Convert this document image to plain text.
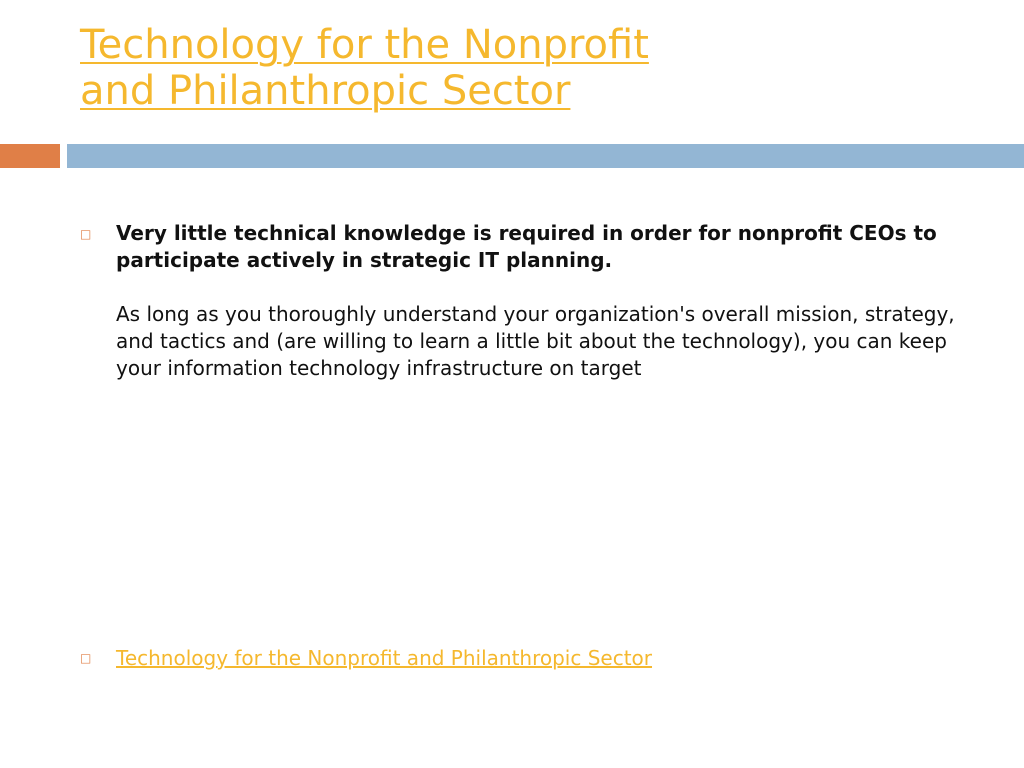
Technology for the Nonprofit
and Philanthropic Sector
□ Very little technical knowledge is required in order for nonprofit CEOs to participate actively in strategic IT planning.

As long as you thoroughly understand your organization's overall mission, strategy, and tactics and (are willing to learn a little bit about the technology), you can keep your information technology infrastructure on target

□ Technology for the Nonprofit and Philanthropic Sector
